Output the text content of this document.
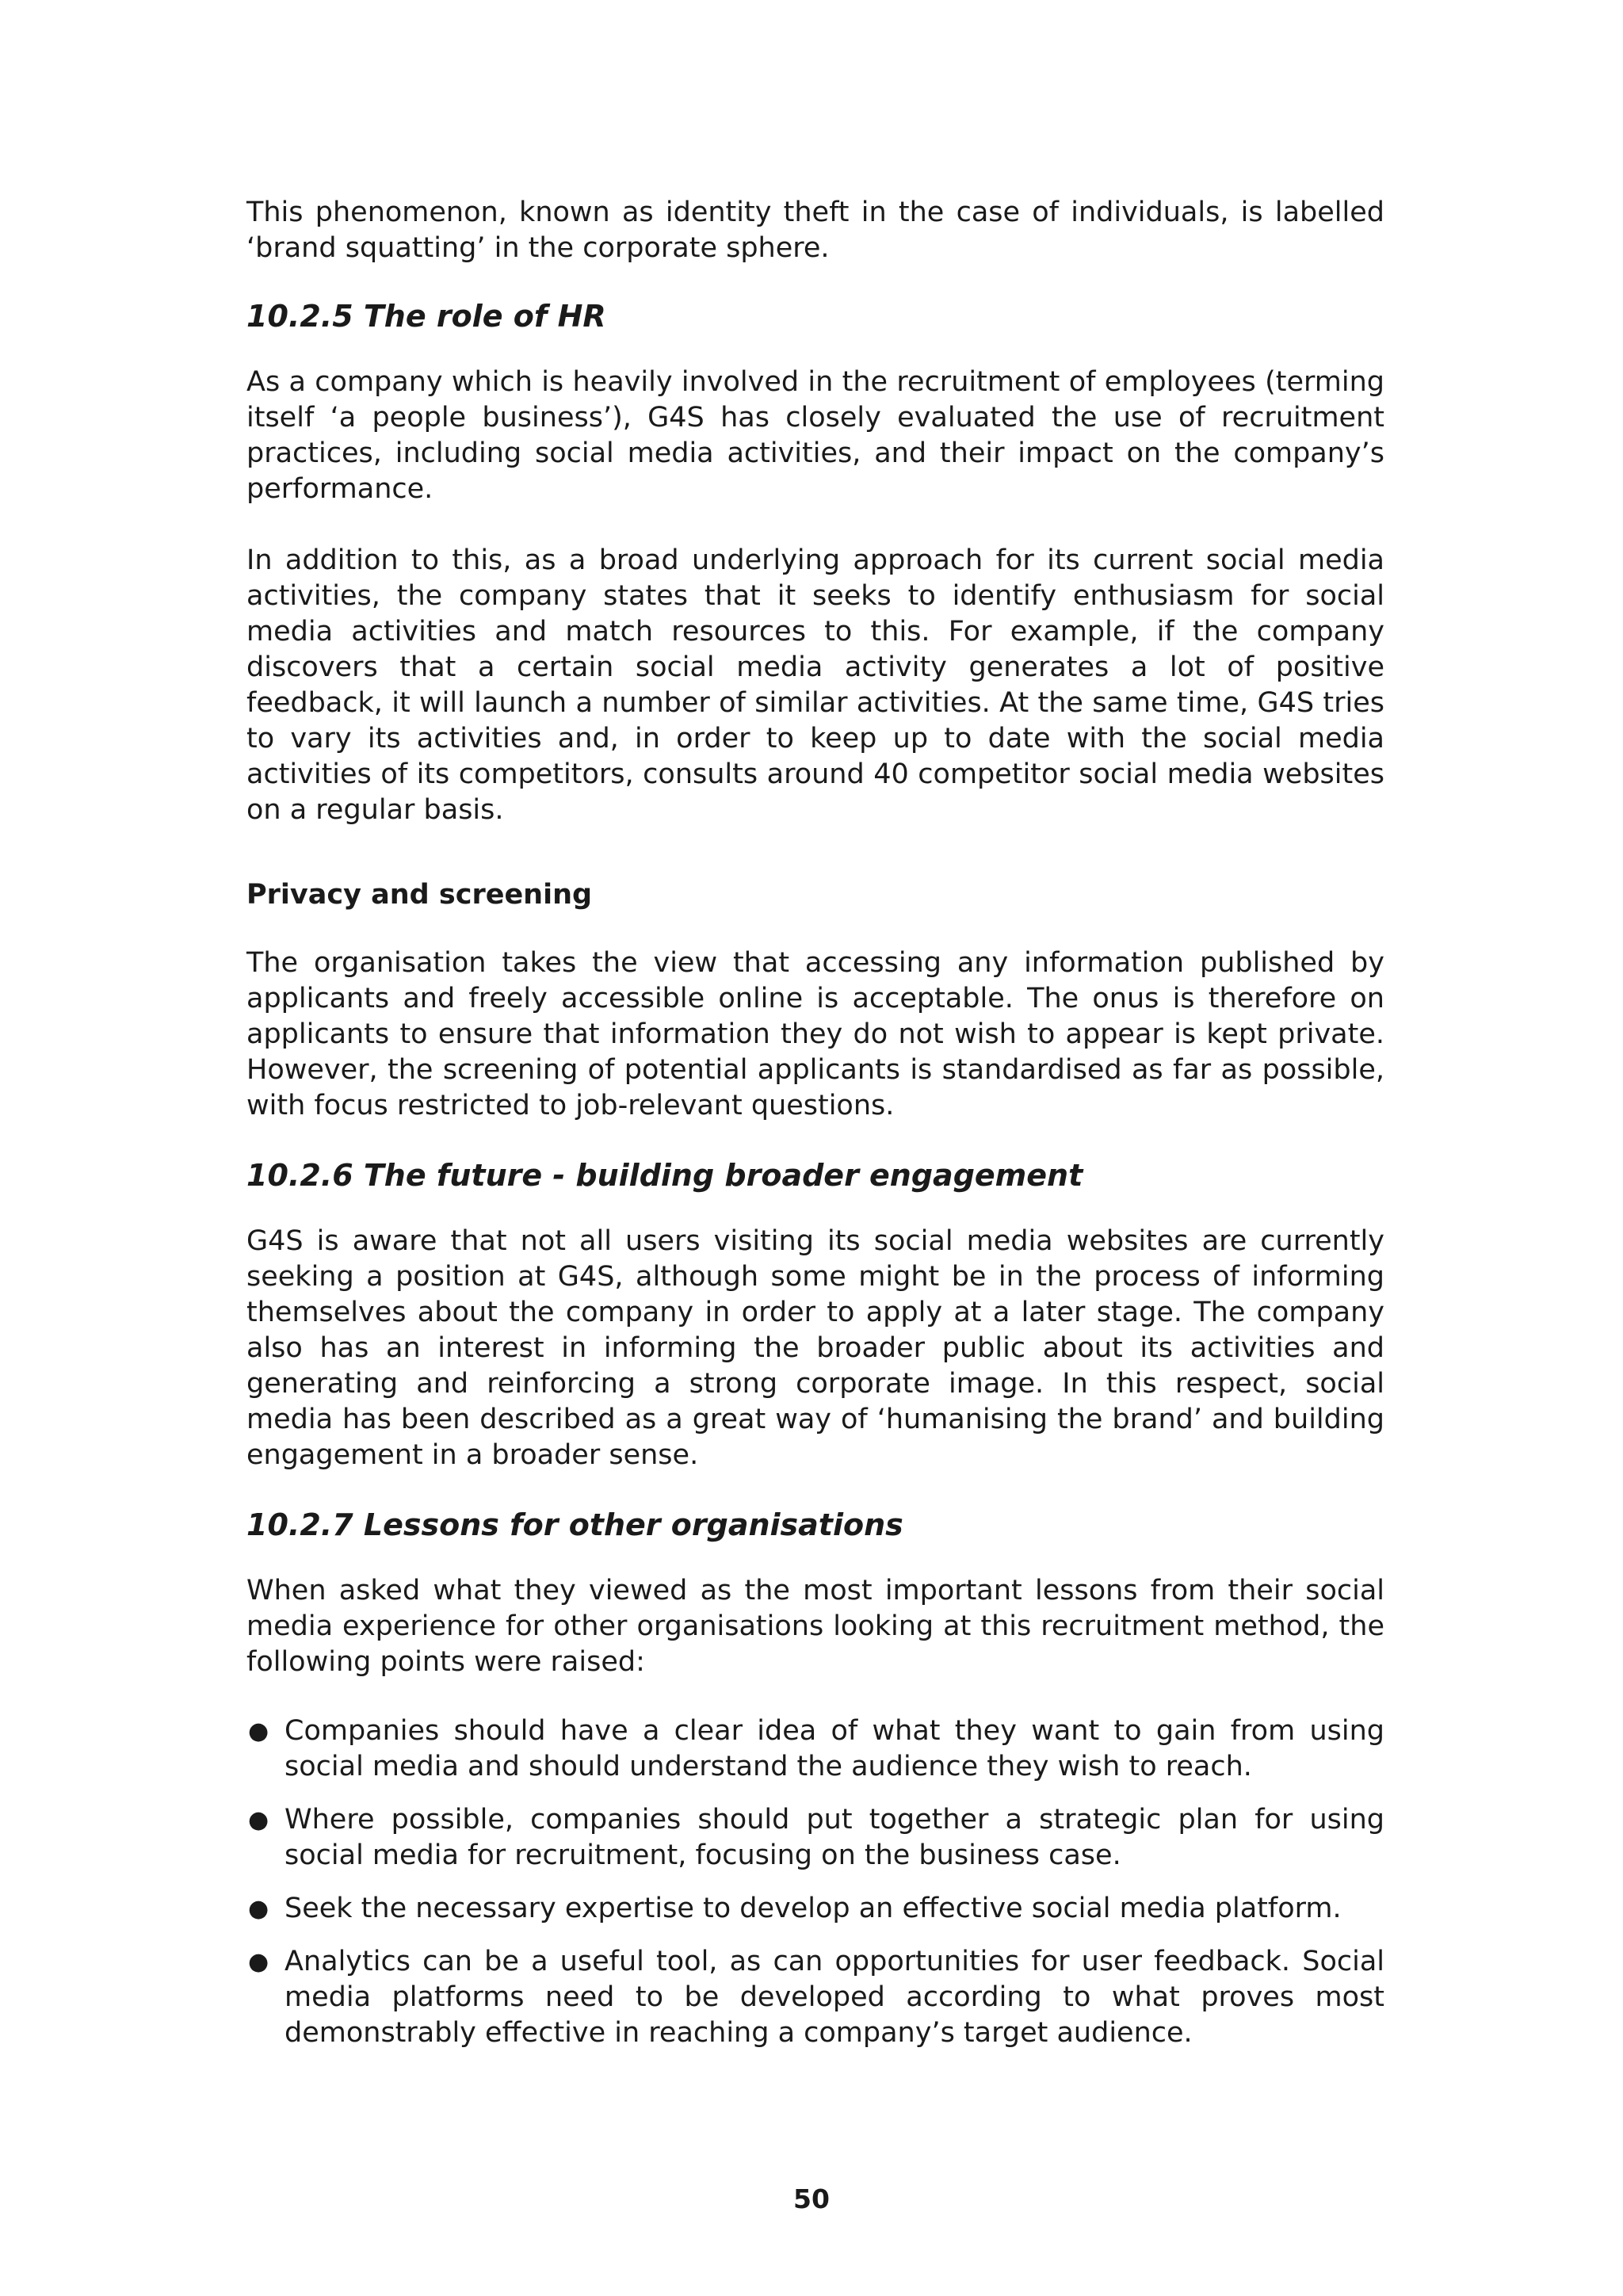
This phenomenon, known as identity theft in the case of individuals, is labelled ‘brand squatting’ in the corporate sphere.

10.2.5 The role of HR

As a company which is heavily involved in the recruitment of employees (terming itself ‘a people business’), G4S has closely evaluated the use of recruitment practices, including social media activities, and their impact on the company’s performance.

In addition to this, as a broad underlying approach for its current social media activities, the company states that it seeks to identify enthusiasm for social media activities and match resources to this. For example, if the company discovers that a certain social media activity generates a lot of positive feedback, it will launch a number of similar activities. At the same time, G4S tries to vary its activities and, in order to keep up to date with the social media activities of its competitors, consults around 40 competitor social media websites on a regular basis.

Privacy and screening

The organisation takes the view that accessing any information published by applicants and freely accessible online is acceptable. The onus is therefore on applicants to ensure that information they do not wish to appear is kept private. However, the screening of potential applicants is standardised as far as possible, with focus restricted to job-relevant questions.

10.2.6 The future - building broader engagement

G4S is aware that not all users visiting its social media websites are currently seeking a position at G4S, although some might be in the process of informing themselves about the company in order to apply at a later stage. The company also has an interest in informing the broader public about its activities and generating and reinforcing a strong corporate image. In this respect, social media has been described as a great way of ‘humanising the brand’ and building engagement in a broader sense.

10.2.7 Lessons for other organisations

When asked what they viewed as the most important lessons from their social media experience for other organisations looking at this recruitment method, the following points were raised:

● Companies should have a clear idea of what they want to gain from using social media and should understand the audience they wish to reach.
● Where possible, companies should put together a strategic plan for using social media for recruitment, focusing on the business case.
● Seek the necessary expertise to develop an effective social media platform.
● Analytics can be a useful tool, as can opportunities for user feedback. Social media platforms need to be developed according to what proves most demonstrably effective in reaching a company’s target audience.
50
